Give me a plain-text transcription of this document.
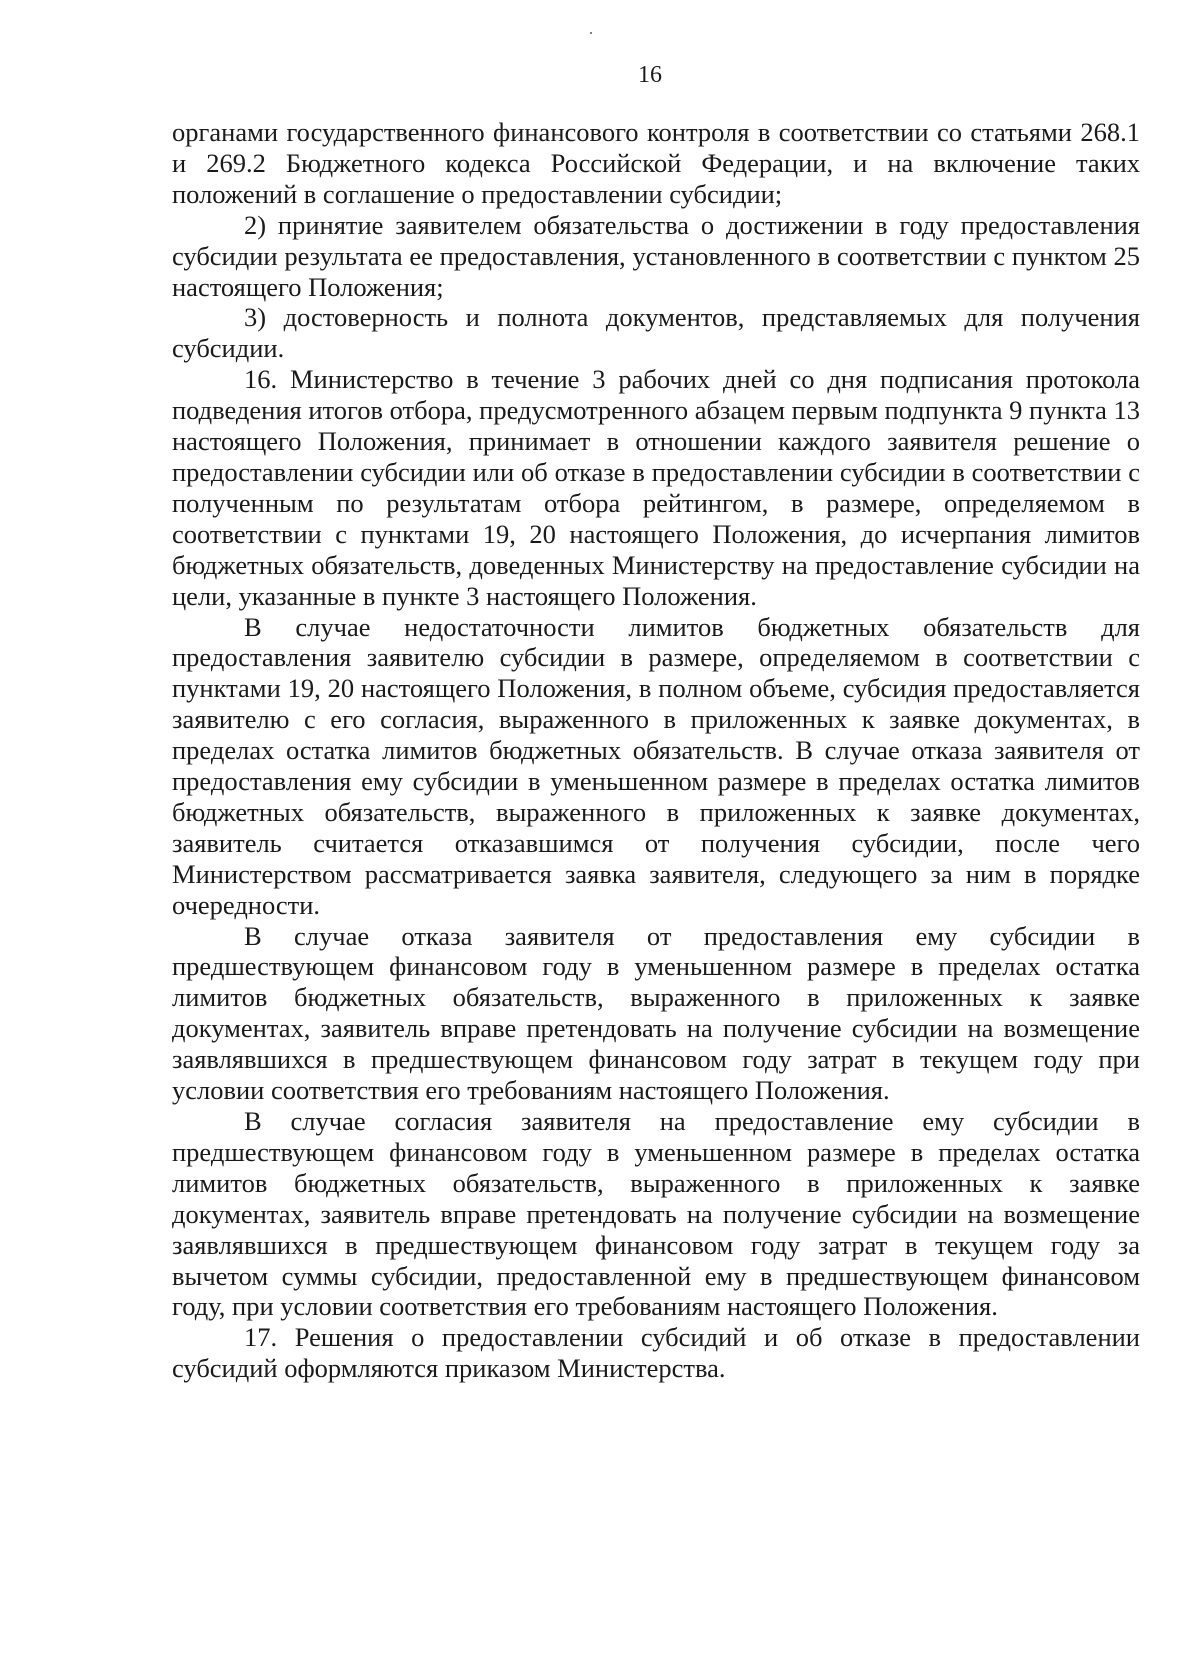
16

органами государственного финансового контроля в соответствии со статьями 268.1 и 269.2 Бюджетного кодекса Российской Федерации, и на включение таких положений в соглашение о предоставлении субсидии;

2) принятие заявителем обязательства о достижении в году предоставления субсидии результата ее предоставления, установленного в соответствии с пунктом 25 настоящего Положения;

3) достоверность и полнота документов, представляемых для получения субсидии.

16. Министерство в течение 3 рабочих дней со дня подписания протокола подведения итогов отбора, предусмотренного абзацем первым подпункта 9 пункта 13 настоящего Положения, принимает в отношении каждого заявителя решение о предоставлении субсидии или об отказе в предоставлении субсидии в соответствии с полученным по результатам отбора рейтингом, в размере, определяемом в соответствии с пунктами 19, 20 настоящего Положения, до исчерпания лимитов бюджетных обязательств, доведенных Министерству на предоставление субсидии на цели, указанные в пункте 3 настоящего Положения.

В случае недостаточности лимитов бюджетных обязательств для предоставления заявителю субсидии в размере, определяемом в соответствии с пунктами 19, 20 настоящего Положения, в полном объеме, субсидия предоставляется заявителю с его согласия, выраженного в приложенных к заявке документах, в пределах остатка лимитов бюджетных обязательств. В случае отказа заявителя от предоставления ему субсидии в уменьшенном размере в пределах остатка лимитов бюджетных обязательств, выраженного в приложенных к заявке документах, заявитель считается отказавшимся от получения субсидии, после чего Министерством рассматривается заявка заявителя, следующего за ним в порядке очередности.

В случае отказа заявителя от предоставления ему субсидии в предшествующем финансовом году в уменьшенном размере в пределах остатка лимитов бюджетных обязательств, выраженного в приложенных к заявке документах, заявитель вправе претендовать на получение субсидии на возмещение заявлявшихся в предшествующем финансовом году затрат в текущем году при условии соответствия его требованиям настоящего Положения.

В случае согласия заявителя на предоставление ему субсидии в предшествующем финансовом году в уменьшенном размере в пределах остатка лимитов бюджетных обязательств, выраженного в приложенных к заявке документах, заявитель вправе претендовать на получение субсидии на возмещение заявлявшихся в предшествующем финансовом году затрат в текущем году за вычетом суммы субсидии, предоставленной ему в предшествующем финансовом году, при условии соответствия его требованиям настоящего Положения.

17. Решения о предоставлении субсидий и об отказе в предоставлении субсидий оформляются приказом Министерства.
